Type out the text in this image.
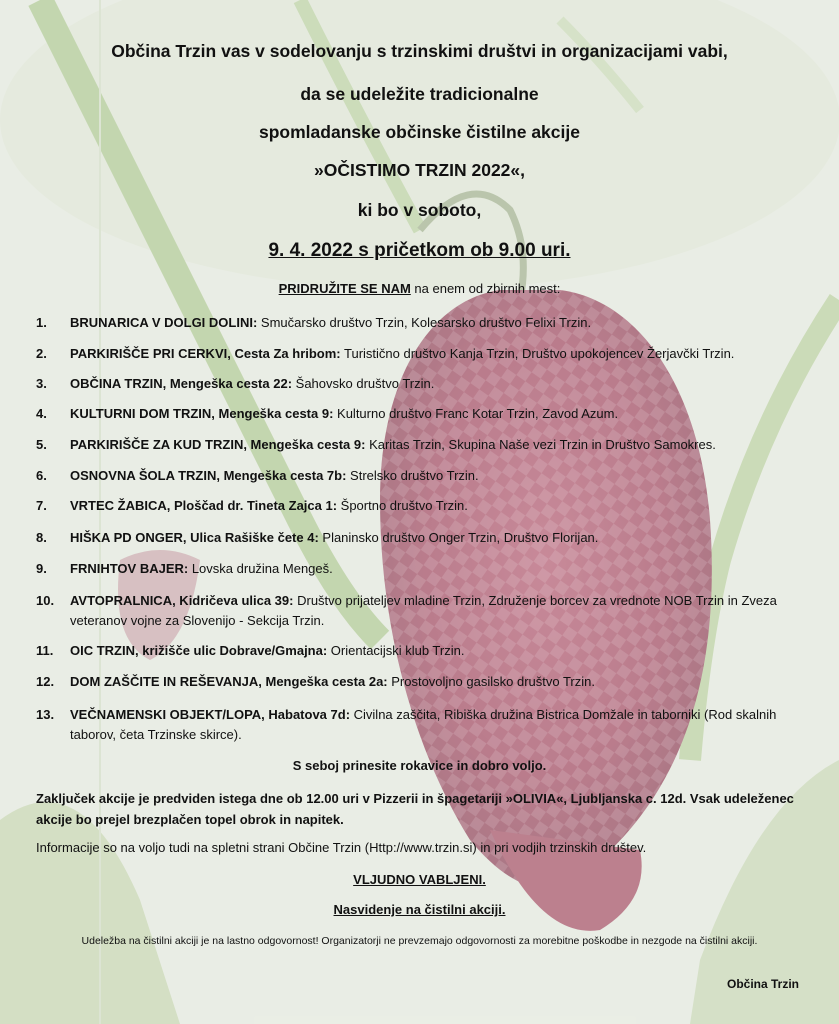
Občina Trzin vas v sodelovanju s trzinskimi društvi in organizacijami vabi,
da se udeležite tradicionalne
spomladanske občinske čistilne akcije
»OČISTIMO TRZIN 2022«,
ki bo v soboto,
9. 4. 2022 s pričetkom ob 9.00 uri.
PRIDRUŽITE SE NAM na enem od zbirnih mest:
1.	BRUNARICA V DOLGI DOLINI: Smučarsko društvo Trzin, Kolesarsko društvo Felixi Trzin.
2.	PARKIRIŠČE PRI CERKVI, Cesta Za hribom: Turistično društvo Kanja Trzin, Društvo upokojencev Žerjavčki Trzin.
3.	OBČINA TRZIN, Mengeška cesta 22: Šahovsko društvo Trzin.
4.	KULTURNI DOM TRZIN, Mengeška cesta 9: Kulturno društvo Franc Kotar Trzin, Zavod Azum.
5.	PARKIRIŠČE ZA KUD TRZIN, Mengeška cesta 9: Karitas Trzin, Skupina Naše vezi Trzin in Društvo Samokres.
6.	OSNOVNA ŠOLA TRZIN, Mengeška cesta 7b: Strelsko društvo Trzin.
7.	VRTEC ŽABICA, Ploščad dr. Tineta Zajca 1: Športno društvo Trzin.
8.	HIŠKA PD ONGER, Ulica Rašiške čete 4: Planinsko društvo Onger Trzin, Društvo Florijan.
9.	FRNIHTOV BAJER: Lovska družina Mengeš.
10.	AVTOPRALNICA, Kidričeva ulica 39: Društvo prijateljev mladine Trzin, Združenje borcev za vrednote NOB Trzin in Zveza veteranov vojne za Slovenijo - Sekcija Trzin.
11.	OIC TRZIN, križišče ulic Dobrave/Gmajna: Orientacijski klub Trzin.
12.	DOM ZAŠČITE IN REŠEVANJA, Mengeška cesta 2a: Prostovoljno gasilsko društvo Trzin.
13.	VEČNAMENSKI OBJEKT/LOPA, Habatova 7d: Civilna zaščita, Ribiška družina Bistrica Domžale in taborniki (Rod skalnih taborov, četa Trzinske skirce).
S seboj prinesite rokavice in dobro voljo.
Zaključek akcije je predviden istega dne ob 12.00 uri v Pizzerii in špagetariji »OLIVIA«, Ljubljanska c. 12d. Vsak udeleženec akcije bo prejel brezplačen topel obrok in napitek.
Informacije so na voljo tudi na spletni strani Občine Trzin (Http://www.trzin.si) in pri vodjih trzinskih društev.
VLJUDNO VABLJENI.
Nasvidenje na čistilni akciji.
Udeležba na čistilni akciji je na lastno odgovornost! Organizatorji ne prevzemajo odgovornosti za morebitne poškodbe in nezgode na čistilni akciji.
Občina Trzin
